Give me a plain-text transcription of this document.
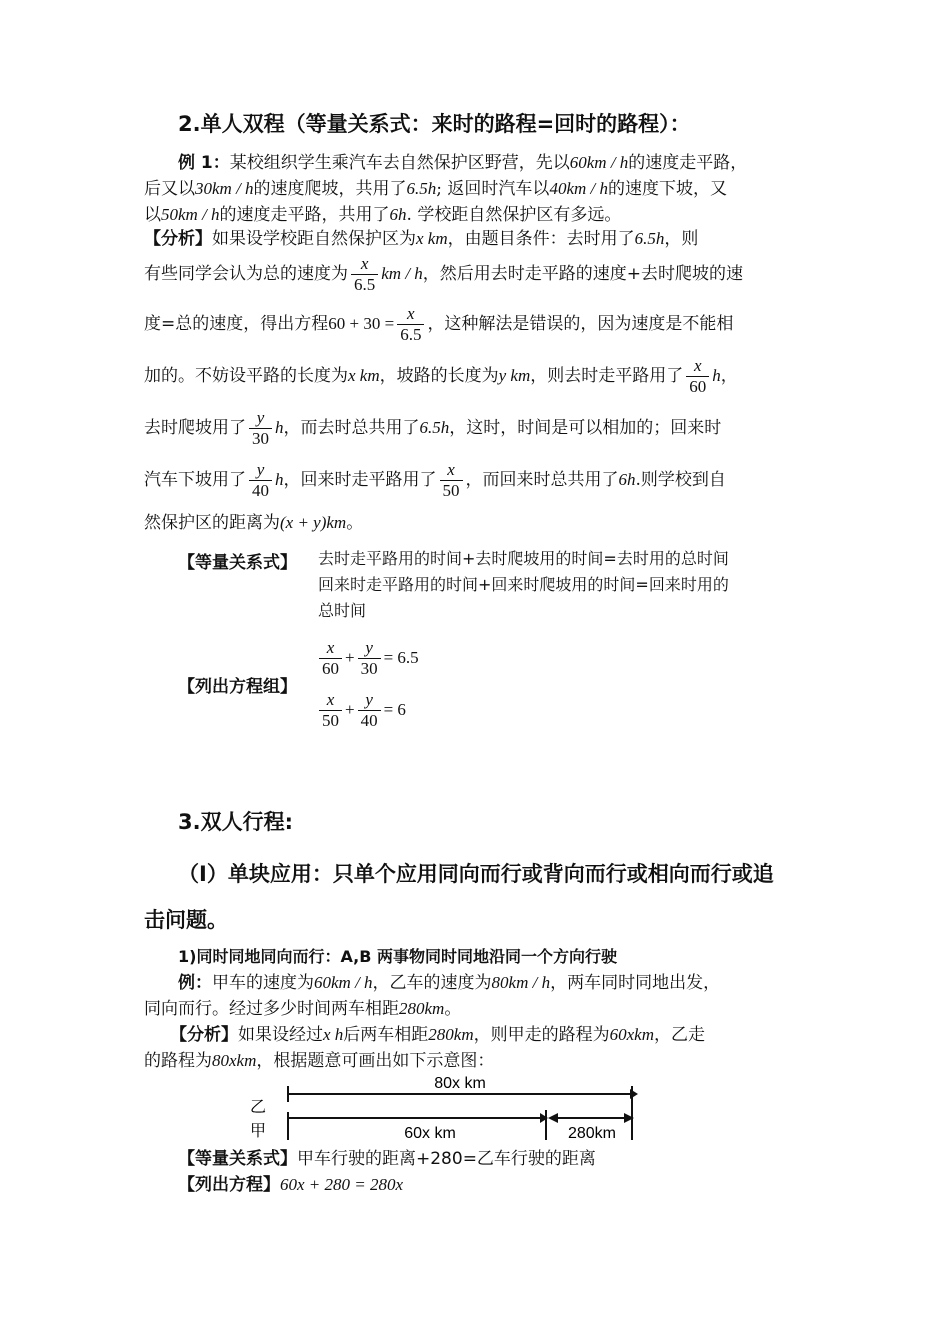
2.单人双程（等量关系式：来时的路程=回时的路程）：
例 1：某校组织学生乘汽车去自然保护区野营，先以60km / h的速度走平路，
后又以30km / h的速度爬坡，共用了6.5h; 返回时汽车以40km / h的速度下坡，又
以50km / h的速度走平路，共用了6h. 学校距自然保护区有多远。
【分析】如果设学校距自然保护区为x km，由题目条件：去时用了6.5h，则
有些同学会认为总的速度为 $\frac{x}{6.5}$ km / h，然后用去时走平路的速度+去时爬坡的速
度=总的速度，得出方程$60 + 30 = \frac{x}{6.5}$ ，这种解法是错误的，因为速度是不能相
加的。不妨设平路的长度为x km，坡路的长度为y km，则去时走平路用了 $\frac{x}{60}$ h，
去时爬坡用了 $\frac{y}{30}$ h，而去时总共用了6.5h，这时，时间是可以相加的；回来时
汽车下坡用了 $\frac{y}{40}$ h，回来时走平路用了 $\frac{x}{50}$ ，而回来时总共用了6h.则学校到自
然保护区的距离为(x + y)km。
【等量关系式】 去时走平路用的时间+去时爬坡用的时间=去时用的总时间
回来时走平路用的时间+回来时爬坡用的时间=回来时用的
总时间
【列出方程组】
$\frac{x}{60} + \frac{y}{30} = 6.5$
$\frac{x}{50} + \frac{y}{40} = 6$
3.双人行程:
（Ⅰ）单块应用：只单个应用同向而行或背向而行或相向而行或追
击问题。
1)同时同地同向而行：A,B 两事物同时同地沿同一个方向行驶
例：甲车的速度为60km / h，乙车的速度为80km / h，两车同时同地出发，
同向而行。经过多少时间两车相距280km。
【分析】如果设经过x h后两车相距280km，则甲走的路程为60xkm，乙走
的路程为80xkm，根据题意可画出如下示意图：
80x km
乙
甲	60x km	280km
【等量关系式】甲车行驶的距离+280=乙车行驶的距离
【列出方程】60x + 280 = 280x
